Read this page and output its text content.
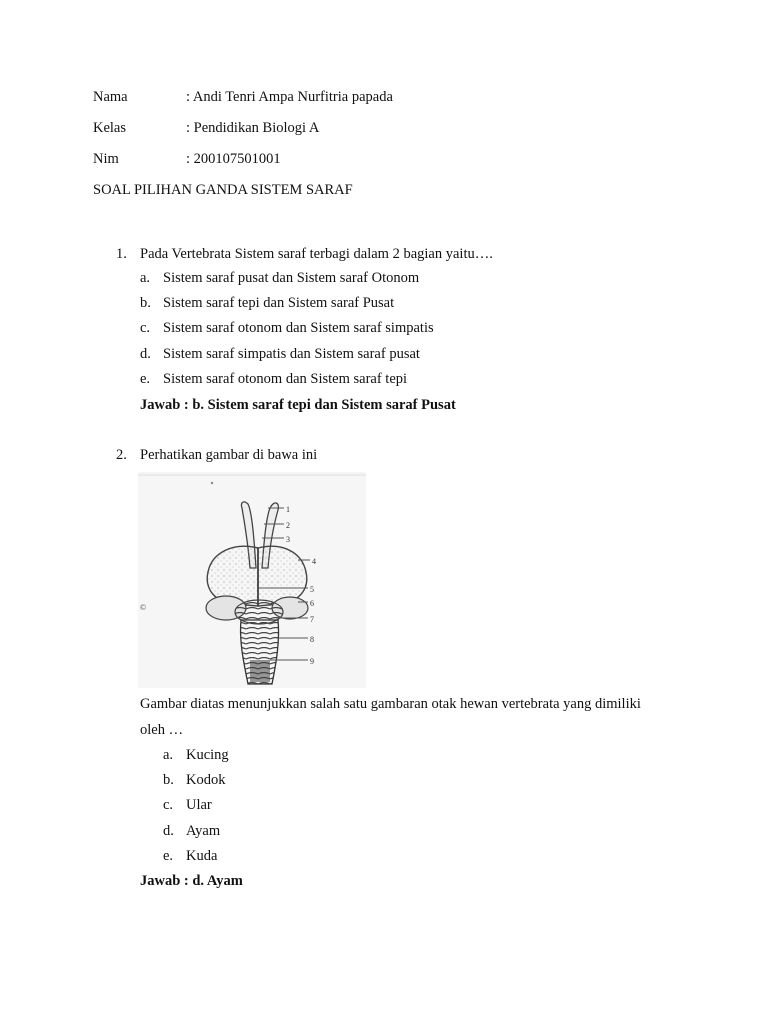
Nama	: Andi Tenri Ampa Nurfitria papada
Kelas	: Pendidikan Biologi A
Nim	: 200107501001
SOAL PILIHAN GANDA SISTEM SARAF
1. Pada Vertebrata Sistem saraf terbagi dalam 2 bagian yaitu….
a. Sistem saraf pusat dan Sistem saraf Otonom
b. Sistem saraf tepi dan Sistem saraf Pusat
c. Sistem saraf otonom dan Sistem saraf simpatis
d. Sistem saraf simpatis dan Sistem saraf pusat
e. Sistem saraf otonom dan Sistem saraf tepi
Jawab : b. Sistem saraf tepi dan Sistem saraf Pusat
2. Perhatikan gambar di bawa ini
1
2
3
4
5
6
7
8
9
©
Gambar diatas menunjukkan salah satu gambaran otak hewan vertebrata yang dimiliki
oleh …
a. Kucing
b. Kodok
c. Ular
d. Ayam
e. Kuda
Jawab : d. Ayam
